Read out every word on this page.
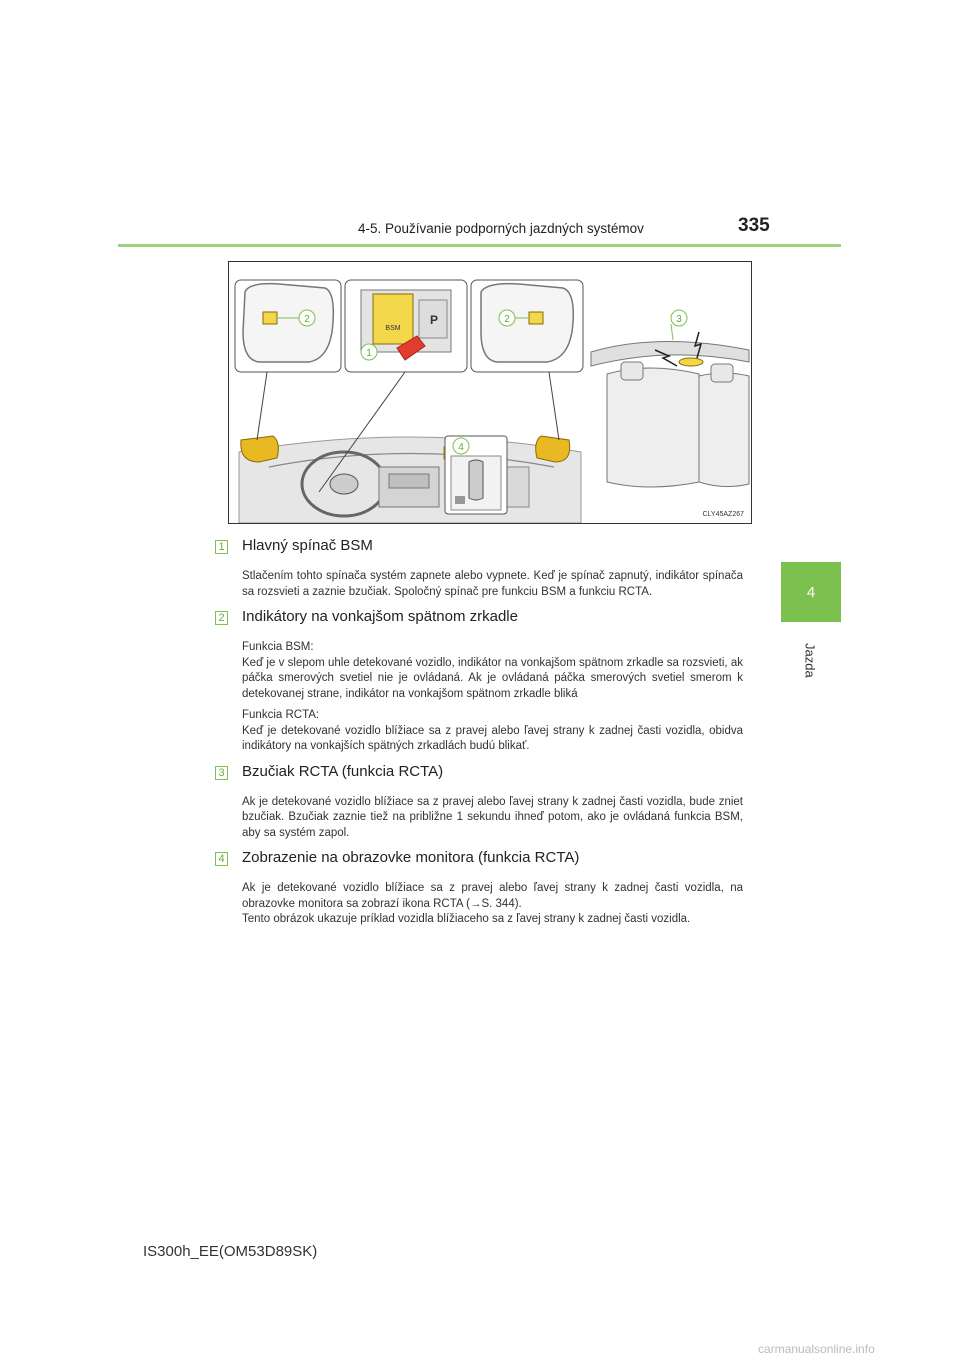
4-5. Používanie podporných jazdných systémov	335
4
Jazda
2	P
BSM
1
2
4
3
CLY45AZ267
1 Hlavný spínač BSM

Stlačením tohto spínača systém zapnete alebo vypnete. Keď je spínač zapnutý, indikátor spínača sa rozsvieti a zaznie bzučiak. Spoločný spínač pre funkciu BSM a funkciu RCTA.

2 Indikátory na vonkajšom spätnom zrkadle

Funkcia BSM:
Keď je v slepom uhle detekované vozidlo, indikátor na vonkajšom spätnom zrkadle sa rozsvieti, ak páčka smerových svetiel nie je ovládaná. Ak je ovládaná páčka smerových svetiel smerom k detekovanej strane, indikátor na vonkajšom spätnom zrkadle bliká

Funkcia RCTA:
Keď je detekované vozidlo blížiace sa z pravej alebo ľavej strany k zadnej časti vozidla, obidva indikátory na vonkajších spätných zrkadlách budú blikať.

3 Bzučiak RCTA (funkcia RCTA)

Ak je detekované vozidlo blížiace sa z pravej alebo ľavej strany k zadnej časti vozidla, bude zniet bzučiak. Bzučiak zaznie tiež na približne 1 sekundu ihneď potom, ako je ovládaná funkcia BSM, aby sa systém zapol.

4 Zobrazenie na obrazovke monitora (funkcia RCTA)

Ak je detekované vozidlo blížiace sa z pravej alebo ľavej strany k zadnej časti vozidla, na obrazovke monitora sa zobrazí ikona RCTA (→S. 344).
Tento obrázok ukazuje príklad vozidla blížiaceho sa z ľavej strany k zadnej časti vozidla.

IS300h_EE(OM53D89SK)
carmanualsonline.info
